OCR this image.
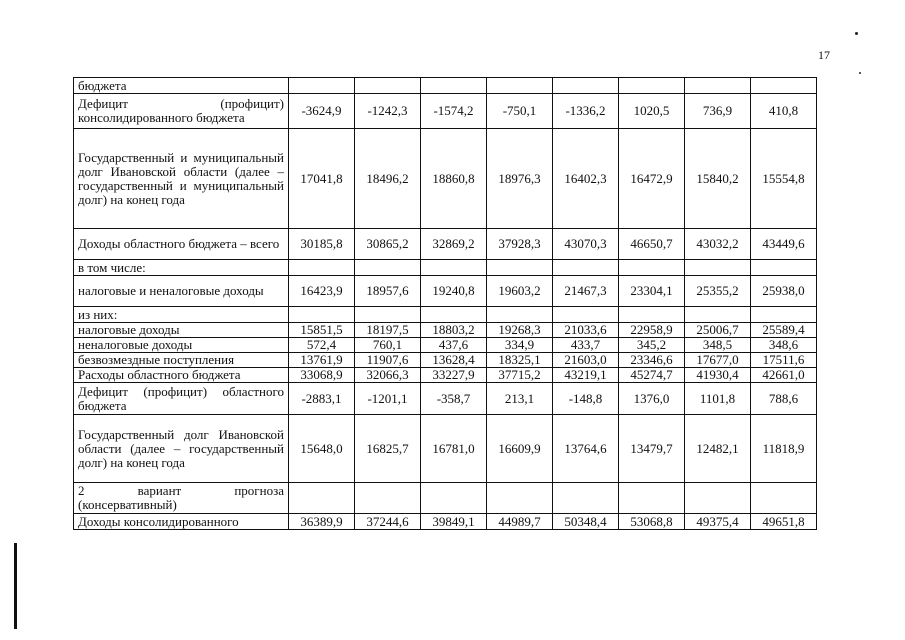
17
бюджета								
Дефицит (профицит) консолидированного бюджета	-3624,9	-1242,3	-1574,2	-750,1	-1336,2	1020,5	736,9	410,8
Государственный и муниципальный долг Ивановской области (далее – государственный и муниципальный долг) на конец года	17041,8	18496,2	18860,8	18976,3	16402,3	16472,9	15840,2	15554,8
Доходы областного бюджета – всего	30185,8	30865,2	32869,2	37928,3	43070,3	46650,7	43032,2	43449,6
в том числе:								
налоговые и неналоговые доходы	16423,9	18957,6	19240,8	19603,2	21467,3	23304,1	25355,2	25938,0
из них:								
налоговые доходы	15851,5	18197,5	18803,2	19268,3	21033,6	22958,9	25006,7	25589,4
неналоговые доходы	572,4	760,1	437,6	334,9	433,7	345,2	348,5	348,6
безвозмездные поступления	13761,9	11907,6	13628,4	18325,1	21603,0	23346,6	17677,0	17511,6
Расходы областного бюджета	33068,9	32066,3	33227,9	37715,2	43219,1	45274,7	41930,4	42661,0
Дефицит (профицит) областного бюджета	-2883,1	-1201,1	-358,7	213,1	-148,8	1376,0	1101,8	788,6
Государственный долг Ивановской области (далее – государственный долг) на конец года	15648,0	16825,7	16781,0	16609,9	13764,6	13479,7	12482,1	11818,9
2 вариант прогноза (консервативный)								
Доходы консолидированного	36389,9	37244,6	39849,1	44989,7	50348,4	53068,8	49375,4	49651,8
